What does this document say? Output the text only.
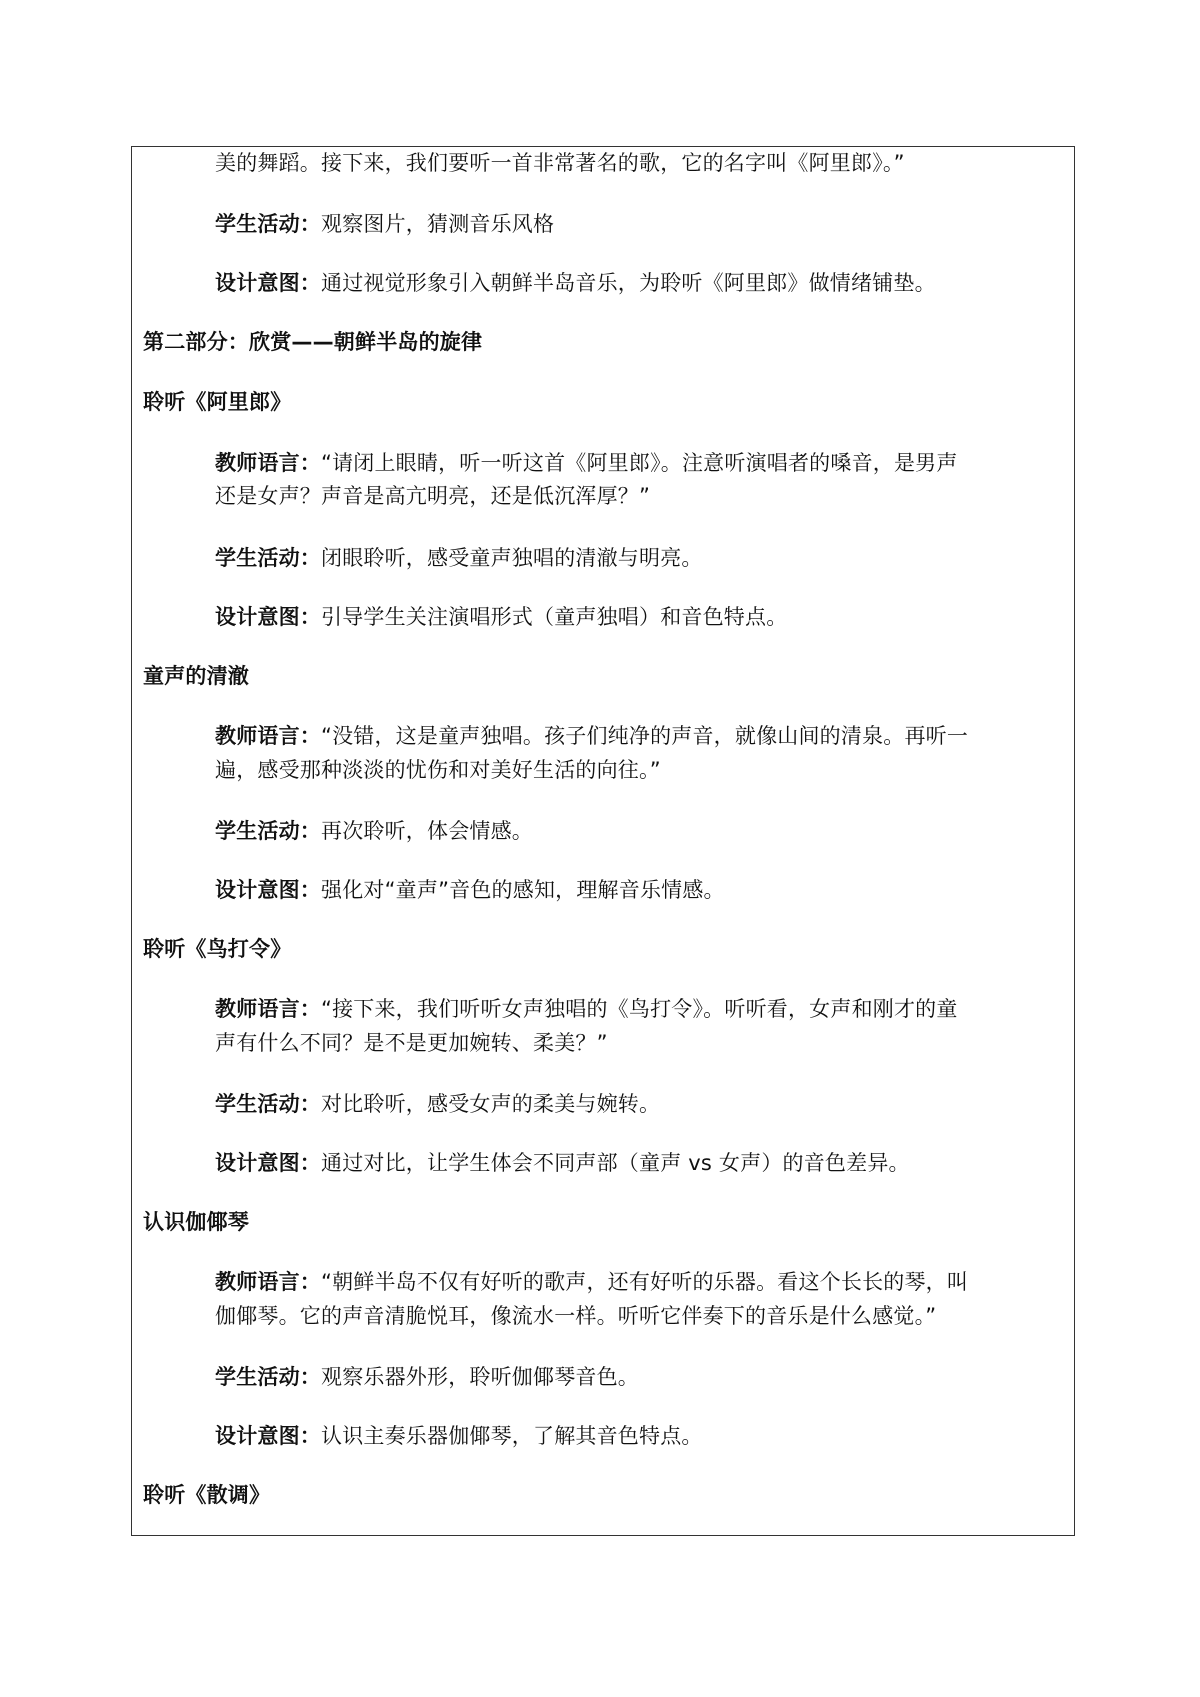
美的舞蹈。接下来，我们要听一首非常著名的歌，它的名字叫《阿里郎》。”
学生活动：观察图片，猜测音乐风格
设计意图：通过视觉形象引入朝鲜半岛音乐，为聆听《阿里郎》做情绪铺垫。
第二部分：欣赏——朝鲜半岛的旋律
聆听《阿里郎》
教师语言：“请闭上眼睛，听一听这首《阿里郎》。注意听演唱者的嗓音，是男声
还是女声？声音是高亢明亮，还是低沉浑厚？”
学生活动：闭眼聆听，感受童声独唱的清澈与明亮。
设计意图：引导学生关注演唱形式（童声独唱）和音色特点。
童声的清澈
教师语言：“没错，这是童声独唱。孩子们纯净的声音，就像山间的清泉。再听一
遍，感受那种淡淡的忧伤和对美好生活的向往。”
学生活动：再次聆听，体会情感。
设计意图：强化对“童声”音色的感知，理解音乐情感。
聆听《鸟打令》
教师语言：“接下来，我们听听女声独唱的《鸟打令》。听听看，女声和刚才的童
声有什么不同？是不是更加婉转、柔美？”
学生活动：对比聆听，感受女声的柔美与婉转。
设计意图：通过对比，让学生体会不同声部（童声 vs 女声）的音色差异。
认识伽倻琴
教师语言：“朝鲜半岛不仅有好听的歌声，还有好听的乐器。看这个长长的琴，叫
伽倻琴。它的声音清脆悦耳，像流水一样。听听它伴奏下的音乐是什么感觉。”
学生活动：观察乐器外形，聆听伽倻琴音色。
设计意图：认识主奏乐器伽倻琴，了解其音色特点。
聆听《散调》
